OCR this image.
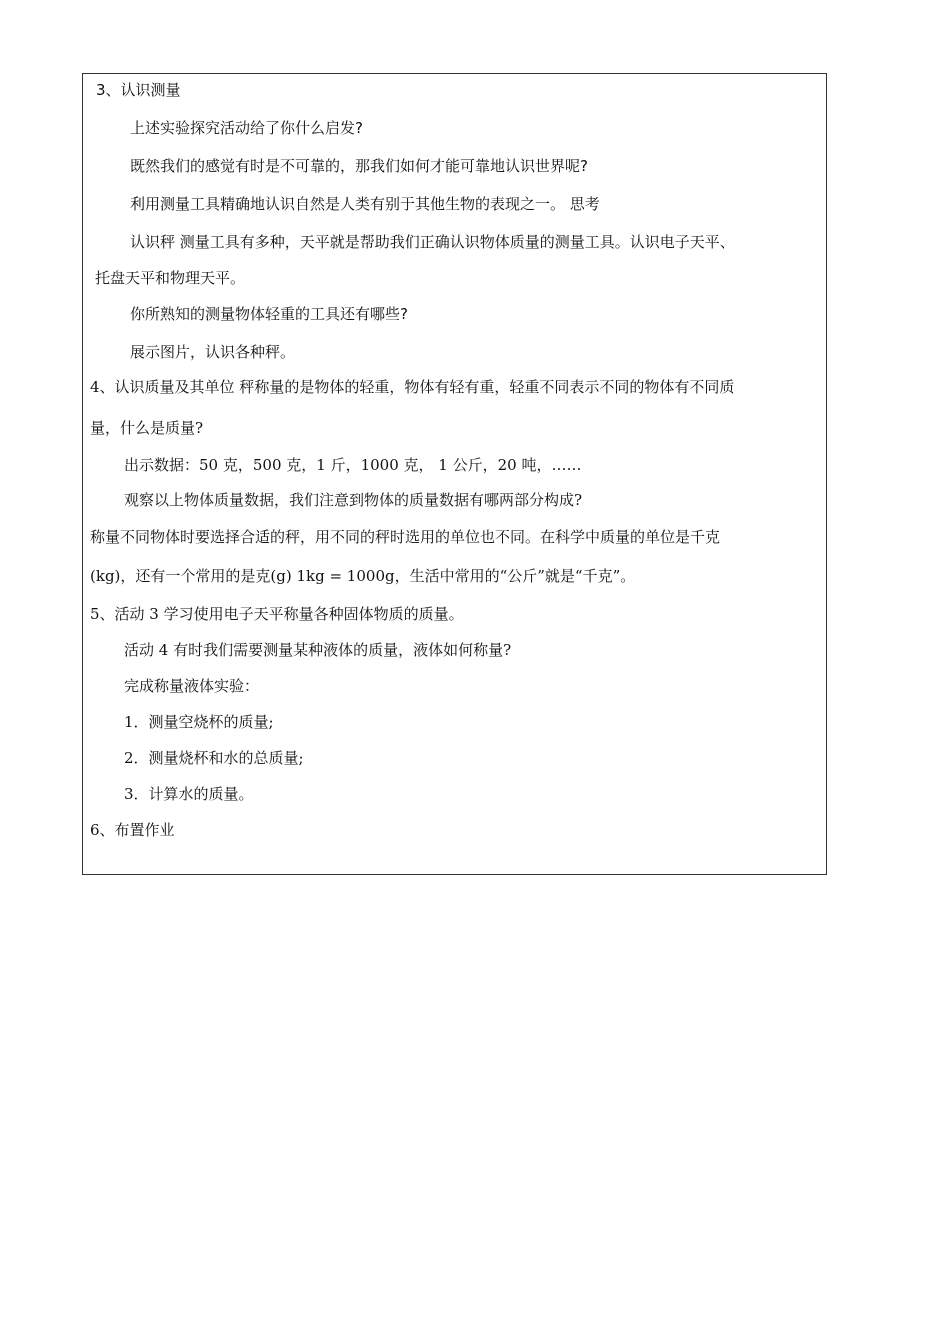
3、认识测量
上述实验探究活动给了你什么启发?
既然我们的感觉有时是不可靠的，那我们如何才能可靠地认识世界呢?
利用测量工具精确地认识自然是人类有别于其他生物的表现之一。 思考
认识秤 测量工具有多种，天平就是帮助我们正确认识物体质量的测量工具。认识电子天平、
托盘天平和物理天平。
你所熟知的测量物体轻重的工具还有哪些?
展示图片，认识各种秤。
4、认识质量及其单位 秤称量的是物体的轻重，物体有轻有重，轻重不同表示不同的物体有不同质
量，什么是质量?
出示数据：50 克，500 克，1 斤，1000 克， 1 公斤，20 吨，……
观察以上物体质量数据，我们注意到物体的质量数据有哪两部分构成?
称量不同物体时要选择合适的秤，用不同的秤时选用的单位也不同。在科学中质量的单位是千克
(kg)，还有一个常用的是克(g) 1kg = 1000g，生活中常用的“公斤”就是“千克”。
5、活动 3 学习使用电子天平称量各种固体物质的质量。
活动 4 有时我们需要测量某种液体的质量，液体如何称量?
完成称量液体实验：
1．测量空烧杯的质量;
2．测量烧杯和水的总质量;
3．计算水的质量。
6、布置作业
